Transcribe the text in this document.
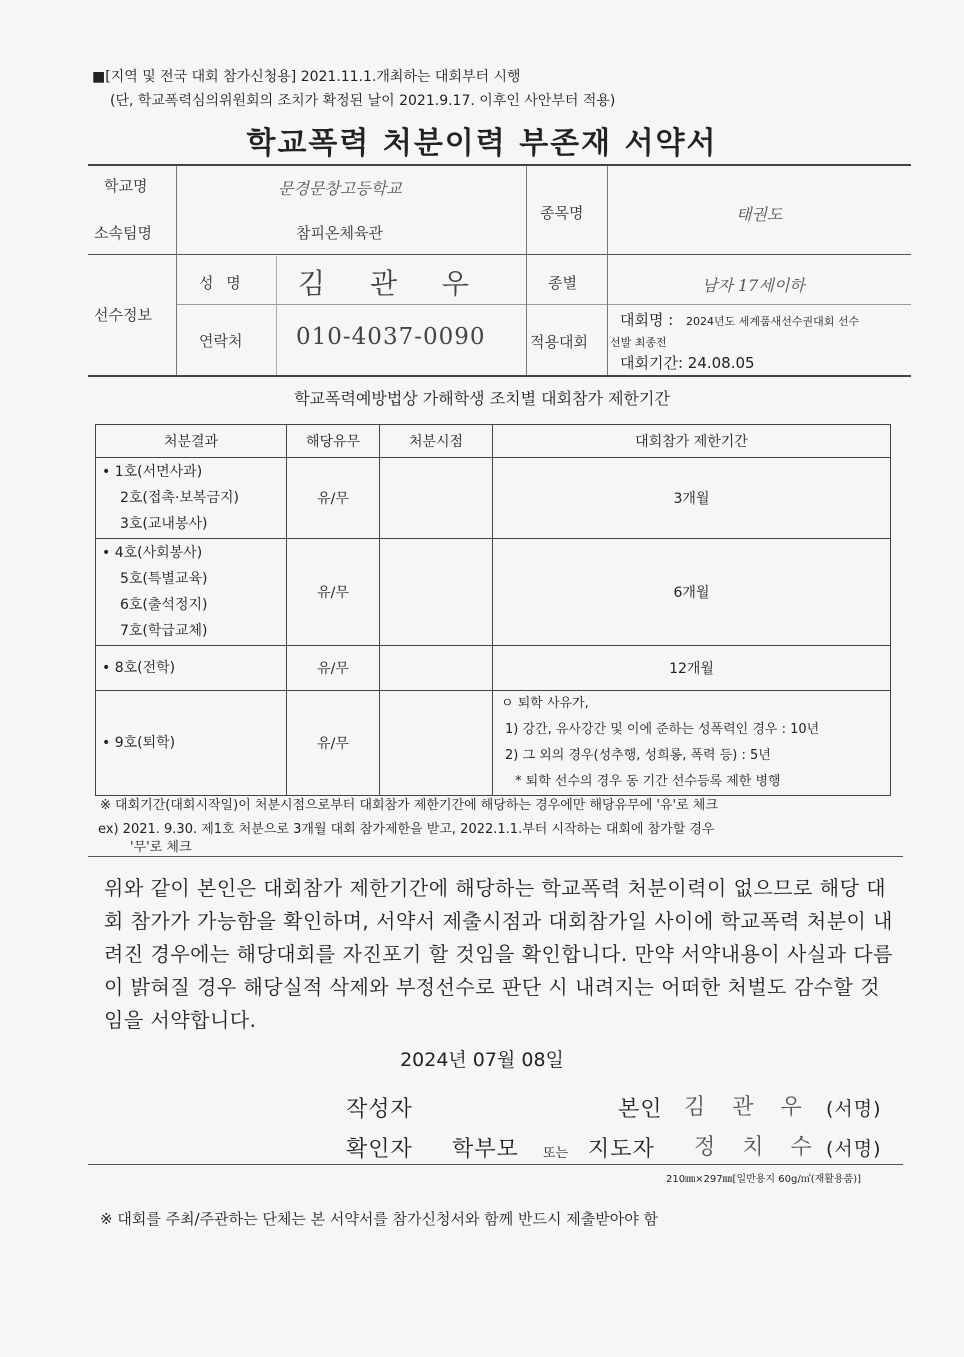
■[지역 및 전국 대회 참가신청용] 2021.11.1.개최하는 대회부터 시행
(단, 학교폭력심의위원회의 조치가 확정된 날이 2021.9.17. 이후인 사안부터 적용)
학교폭력 처분이력 부존재 서약서
학교명	문경문창고등학교
소속팀명	참피온체육관
종목명	태권도
선수정보
성 명 김 관 우	종별	남자 17세이하
연락처 010-4037-0090	적용대회
대회명 : 2024년도 세계품새선수권대회 선수
선발 최종전
대회기간: 24.08.05
학교폭력예방법상 가해학생 조치별 대회참가 제한기간
처분결과	해당유무	처분시점	대회참가 제한기간

• 1호(서면사과)
2호(접촉·보복금지)
3호(교내봉사)	유/무		3개월

• 4호(사회봉사)
5호(특별교육)
6호(출석정지)
7호(학급교체)	유/무		6개월
• 8호(전학)	유/무		12개월
• 9호(퇴학)	유/무		ㅇ 퇴학 사유가,
1) 강간, 유사강간 및 이에 준하는 성폭력인 경우 : 10년
2) 그 외의 경우(성추행, 성희롱, 폭력 등) : 5년
* 퇴학 선수의 경우 동 기간 선수등록 제한 병행
※ 대회기간(대회시작일)이 처분시점으로부터 대회참가 제한기간에 해당하는 경우에만 해당유무에 '유'로 체크
ex) 2021. 9.30. 제1호 처분으로 3개월 대회 참가제한을 받고, 2022.1.1.부터 시작하는 대회에 참가할 경우
'무'로 체크
위와 같이 본인은 대회참가 제한기간에 해당하는 학교폭력 처분이력이 없으므로 해당 대회 참가가 가능함을 확인하며, 서약서 제출시점과 대회참가일 사이에 학교폭력 처분이 내려진 경우에는 해당대회를 자진포기 할 것임을 확인합니다. 만약 서약내용이 사실과 다름이 밝혀질 경우 해당실적 삭제와 부정선수로 판단 시 내려지는 어떠한 처벌도 감수할 것임을 서약합니다.
2024년 07월 08일
작성자	본인 김 관 우 (서명)
확인자 학부모 또는 지도자 정 치 수 (서명)
210㎜×297㎜[일반용지 60g/㎡(재활용품)]
※ 대회를 주최/주관하는 단체는 본 서약서를 참가신청서와 함께 반드시 제출받아야 함
